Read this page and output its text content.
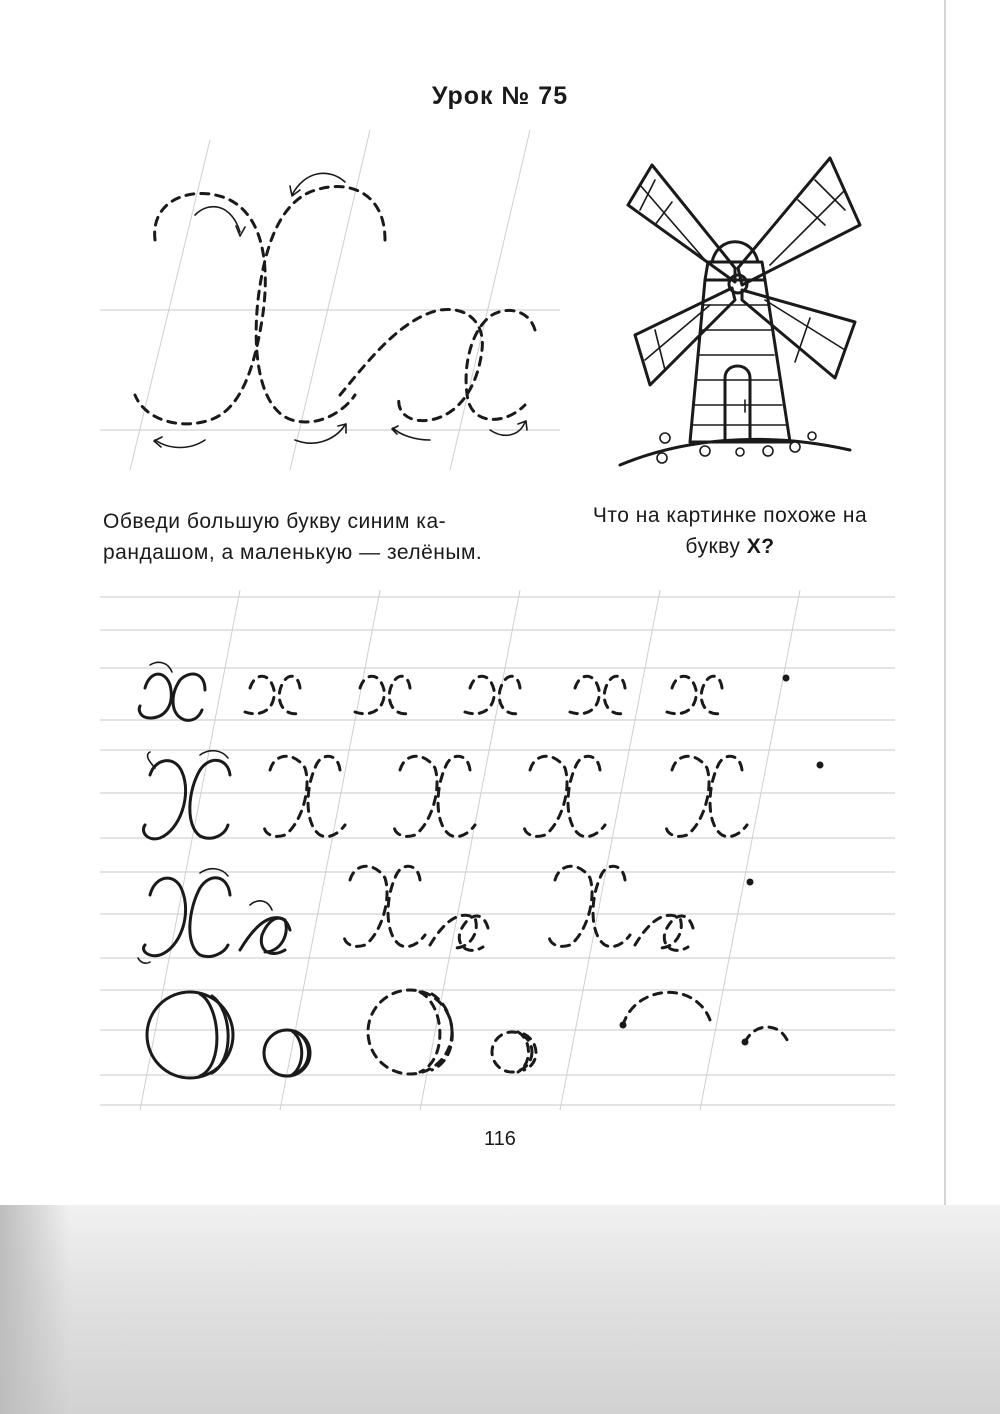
Урок № 75
Обведи большую букву синим ка- рандашом, а маленькую — зелёным.
Что на картинке похоже на букву Х?
116
